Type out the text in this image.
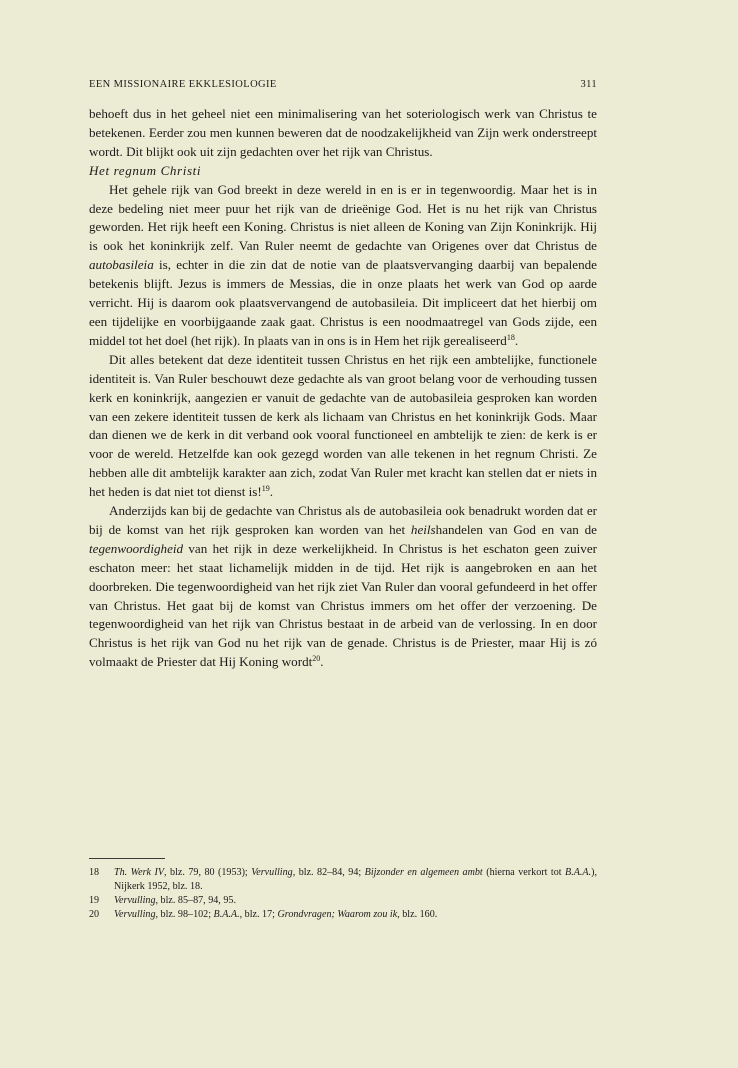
EEN MISSIONAIRE EKKLESIOLOGIE	311

behoeft dus in het geheel niet een minimalisering van het soteriologisch werk van Christus te betekenen. Eerder zou men kunnen beweren dat de noodzakelijkheid van Zijn werk onderstreept wordt. Dit blijkt ook uit zijn gedachten over het rijk van Christus.

Het regnum Christi

Het gehele rijk van God breekt in deze wereld in en is er in tegenwoordig. Maar het is in deze bedeling niet meer puur het rijk van de drieënige God. Het is nu het rijk van Christus geworden. Het rijk heeft een Koning. Christus is niet alleen de Koning van Zijn Koninkrijk. Hij is ook het koninkrijk zelf. Van Ruler neemt de gedachte van Origenes over dat Christus de autobasileia is, echter in die zin dat de notie van de plaatsvervanging daarbij van bepalende betekenis blijft. Jezus is immers de Messias, die in onze plaats het werk van God op aarde verricht. Hij is daarom ook plaatsvervangend de autobasileia. Dit impliceert dat het hierbij om een tijdelijke en voorbijgaande zaak gaat. Christus is een noodmaatregel van Gods zijde, een middel tot het doel (het rijk). In plaats van in ons is in Hem het rijk gerealiseerd$^{18}$.

Dit alles betekent dat deze identiteit tussen Christus en het rijk een ambtelijke, functionele identiteit is. Van Ruler beschouwt deze gedachte als van groot belang voor de verhouding tussen kerk en koninkrijk, aangezien er vanuit de gedachte van de autobasileia gesproken kan worden van een zekere identiteit tussen de kerk als lichaam van Christus en het koninkrijk Gods. Maar dan dienen we de kerk in dit verband ook vooral functioneel en ambtelijk te zien: de kerk is er voor de wereld. Hetzelfde kan ook gezegd worden van alle tekenen in het regnum Christi. Ze hebben alle dit ambtelijk karakter aan zich, zodat Van Ruler met kracht kan stellen dat er niets in het heden is dat niet tot dienst is!$^{19}$.

Anderzijds kan bij de gedachte van Christus als de autobasileia ook benadrukt worden dat er bij de komst van het rijk gesproken kan worden van het heilshandelen van God en van de tegenwoordigheid van het rijk in deze werkelijkheid. In Christus is het eschaton geen zuiver eschaton meer: het staat lichamelijk midden in de tijd. Het rijk is aangebroken en aan het doorbreken. Die tegenwoordigheid van het rijk ziet Van Ruler dan vooral gefundeerd in het offer van Christus. Het gaat bij de komst van Christus immers om het offer der verzoening. De tegenwoordigheid van het rijk van Christus bestaat in de arbeid van de verlossing. In en door Christus is het rijk van God nu het rijk van de genade. Christus is de Priester, maar Hij is zó volmaakt de Priester dat Hij Koning wordt$^{20}$.

18 Th. Werk IV, blz. 79, 80 (1953); Vervulling, blz. 82–84, 94; Bijzonder en algemeen ambt (hierna verkort tot B.A.A.), Nijkerk 1952, blz. 18.
19 Vervulling, blz. 85–87, 94, 95.
20 Vervulling, blz. 98–102; B.A.A., blz. 17; Grondvragen; Waarom zou ik, blz. 160.
